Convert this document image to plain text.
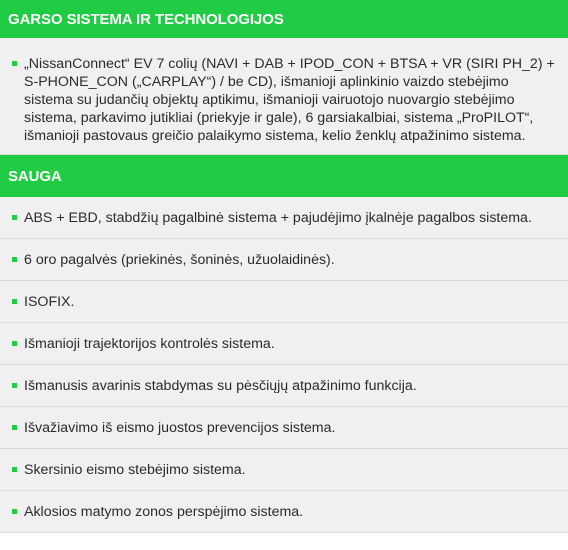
GARSO SISTEMA IR TECHNOLOGIJOS
„NissanConnect“ EV 7 colių (NAVI + DAB + IPOD_CON + BTSA + VR (SIRI PH_2) + S-PHONE_CON („CARPLAY“) / be CD), išmanioji aplinkinio vaizdo stebėjimo sistema su judančių objektų aptikimu, išmanioji vairuotojo nuovargio stebėjimo sistema, parkavimo jutikliai (priekyje ir gale), 6 garsiakalbiai, sistema „ProPILOT“, išmanioji pastovaus greičio palaikymo sistema, kelio ženklų atpažinimo sistema.
SAUGA
ABS + EBD, stabdžių pagalbinė sistema + pajudėjimo įkalnėje pagalbos sistema.
6 oro pagalvės (priekinės, šoninės, užuolaidinės).
ISOFIX.
Išmanioji trajektorijos kontrolės sistema.
Išmanusis avarinis stabdymas su pėsčiųjų atpažinimo funkcija.
Išvažiavimo iš eismo juostos prevencijos sistema.
Skersinio eismo stebėjimo sistema.
Aklosios matymo zonos perspėjimo sistema.
